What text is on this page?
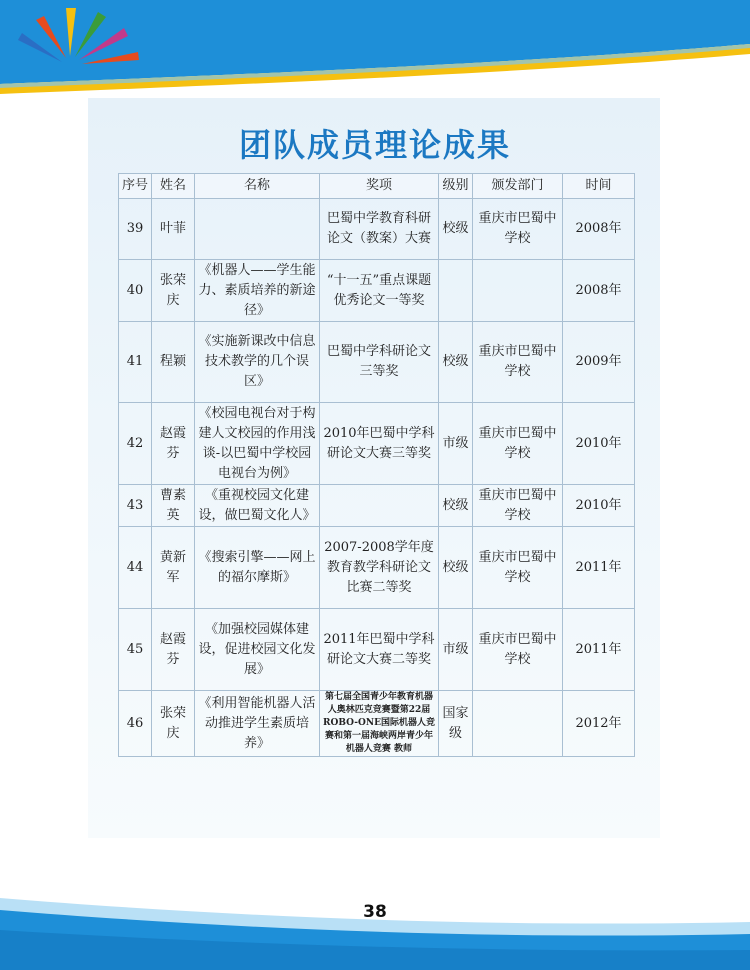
团队成员理论成果
序号	姓名	名称	奖项	级别	颁发部门	时间
39	叶菲		巴蜀中学教育科研论文（教案）大赛	校级	重庆市巴蜀中学校	2008年
40	张荣庆	《机器人——学生能力、素质培养的新途径》	“十一五”重点课题优秀论文一等奖			2008年
41	程颖	《实施新课改中信息技术教学的几个误区》	巴蜀中学科研论文三等奖	校级	重庆市巴蜀中学校	2009年
42	赵霞芬	《校园电视台对于构建人文校园的作用浅谈-以巴蜀中学校园电视台为例》	2010年巴蜀中学科研论文大赛三等奖	市级	重庆市巴蜀中学校	2010年
43	曹素英	《重视校园文化建设，做巴蜀文化人》		校级	重庆市巴蜀中学校	2010年
44	黄新军	《搜索引擎——网上的福尔摩斯》	2007-2008学年度教育教学科研论文比赛二等奖	校级	重庆市巴蜀中学校	2011年
45	赵霞芬	《加强校园媒体建设，促进校园文化发展》	2011年巴蜀中学科研论文大赛二等奖	市级	重庆市巴蜀中学校	2011年
46	张荣庆	《利用智能机器人活动推进学生素质培养》	第七届全国青少年教育机器人奥林匹克竞赛暨第22届ROBO-ONE国际机器人竞赛和第一届海峡两岸青少年机器人竞赛 教师	国家级		2012年
38
